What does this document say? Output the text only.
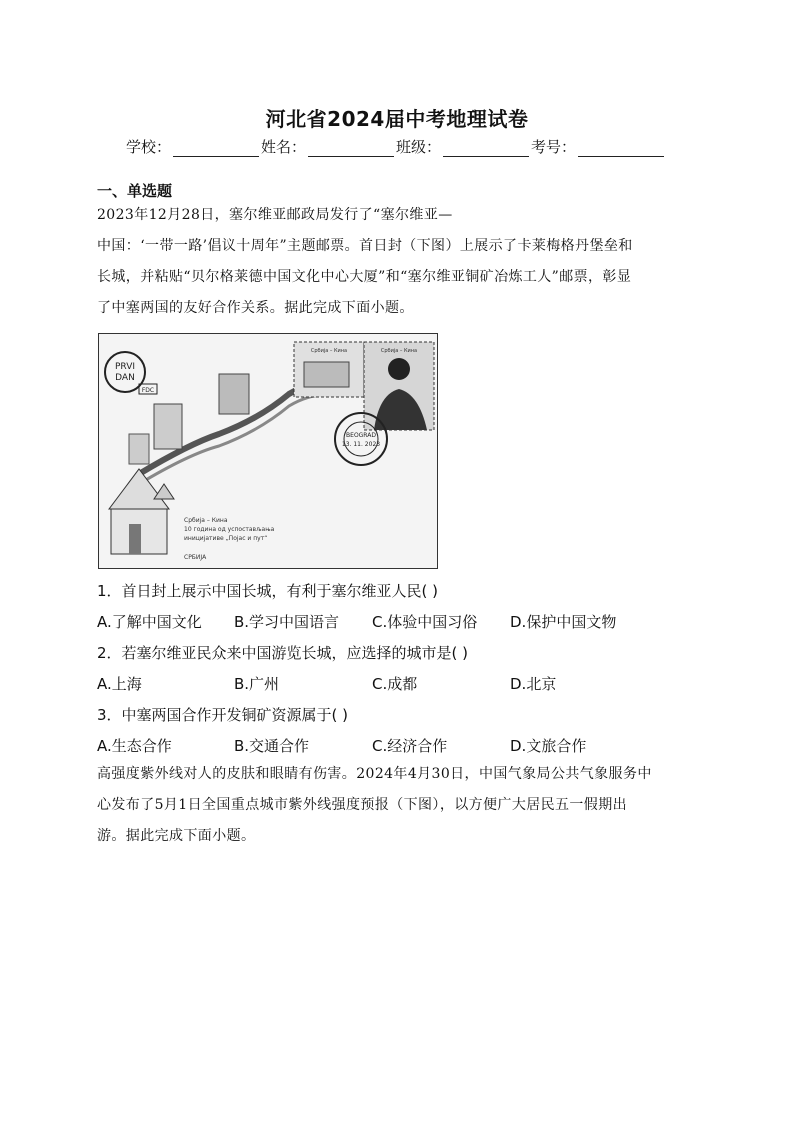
河北省2024届中考地理试卷
学校：	姓名：	班级：	考号：
一、单选题
2023年12月28日，塞尔维亚邮政局发行了“塞尔维亚—
中国：‘一带一路’倡议十周年”主题邮票。首日封（下图）上展示了卡莱梅格丹堡垒和
长城，并粘贴“贝尔格莱德中国文化中心大厦”和“塞尔维亚铜矿冶炼工人”邮票，彰显
了中塞两国的友好合作关系。据此完成下面小题。
PRVI
DAN
FDC
Србија – Кина	Србија – Кина
BEOGRAD
13. 11. 2023
Србија – Кина
10 година од успостављања
иницијативе „Појас и пут“
СРБИЈА
1．首日封上展示中国长城，有利于塞尔维亚人民( )
A.了解中国文化 B.学习中国语言 C.体验中国习俗 D.保护中国文物
2．若塞尔维亚民众来中国游览长城，应选择的城市是( )
A.上海	B.广州	C.成都	D.北京
3．中塞两国合作开发铜矿资源属于( )
A.生态合作	B.交通合作	C.经济合作	D.文旅合作
高强度紫外线对人的皮肤和眼睛有伤害。2024年4月30日，中国气象局公共气象服务中
心发布了5月1日全国重点城市紫外线强度预报（下图），以方便广大居民五一假期出
游。据此完成下面小题。
